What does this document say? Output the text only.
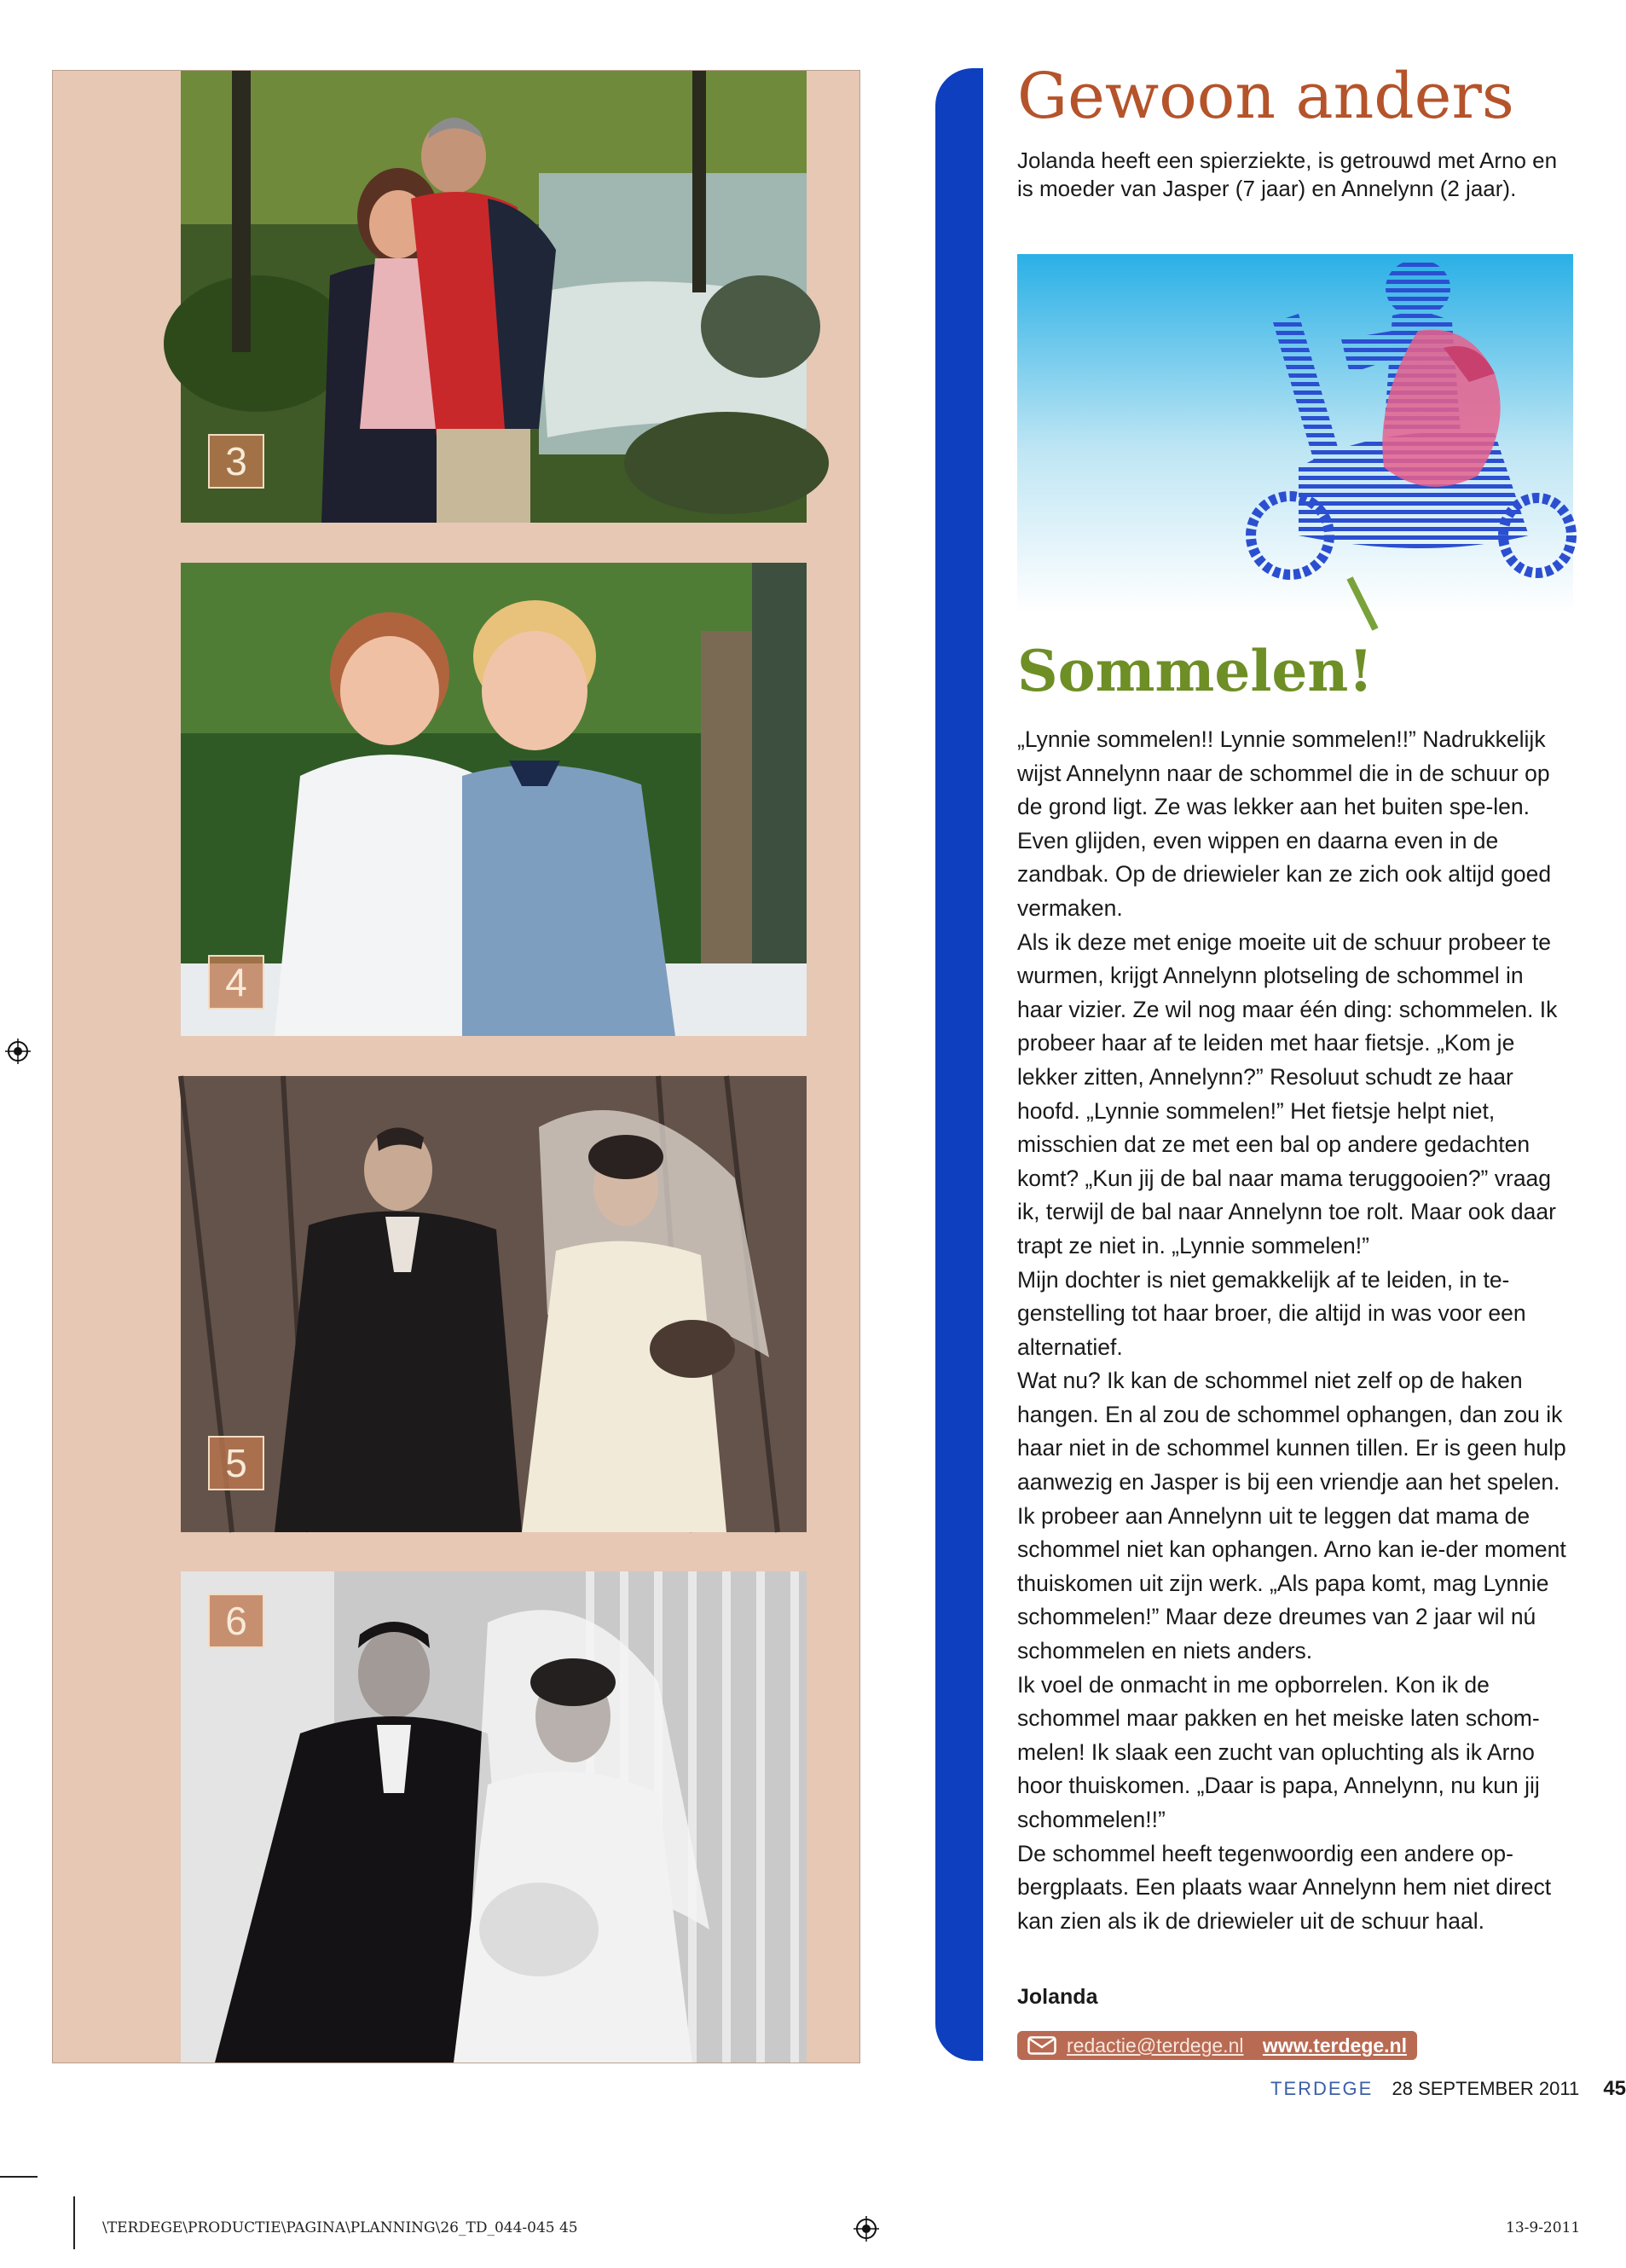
3
4
5
6
Gewoon anders
Jolanda heeft een spierziekte, is getrouwd met Arno en is moeder van Jasper (7 jaar) en Annelynn (2 jaar).
Sommelen!

„Lynnie sommelen!! Lynnie sommelen!!” Nadrukkelijk wijst Annelynn naar de schommel die in de schuur op de grond ligt. Ze was lekker aan het buiten spe-len. Even glijden, even wippen en daarna even in de zandbak. Op de driewieler kan ze zich ook altijd goed vermaken.

Als ik deze met enige moeite uit de schuur probeer te wurmen, krijgt Annelynn plotseling de schommel in haar vizier. Ze wil nog maar één ding: schommelen. Ik probeer haar af te leiden met haar fietsje. „Kom je lekker zitten, Annelynn?” Resoluut schudt ze haar hoofd. „Lynnie sommelen!” Het fietsje helpt niet, misschien dat ze met een bal op andere gedachten komt? „Kun jij de bal naar mama teruggooien?” vraag ik, terwijl de bal naar Annelynn toe rolt. Maar ook daar trapt ze niet in. „Lynnie sommelen!”

Mijn dochter is niet gemakkelijk af te leiden, in te-genstelling tot haar broer, die altijd in was voor een alternatief.

Wat nu? Ik kan de schommel niet zelf op de haken hangen. En al zou de schommel ophangen, dan zou ik haar niet in de schommel kunnen tillen. Er is geen hulp aanwezig en Jasper is bij een vriendje aan het spelen. Ik probeer aan Annelynn uit te leggen dat mama de schommel niet kan ophangen. Arno kan ie-der moment thuiskomen uit zijn werk. „Als papa komt, mag Lynnie schommelen!” Maar deze dreumes van 2 jaar wil nú schommelen en niets anders.

Ik voel de onmacht in me opborrelen. Kon ik de schommel maar pakken en het meiske laten schom-melen! Ik slaak een zucht van opluchting als ik Arno hoor thuiskomen. „Daar is papa, Annelynn, nu kun jij schommelen!!”

De schommel heeft tegenwoordig een andere op-bergplaats. Een plaats waar Annelynn hem niet direct kan zien als ik de driewieler uit de schuur haal.

Jolanda
redactie@terdege.nl www.terdege.nl
TERDEGE 28 SEPTEMBER 2011 45
\TERDEGE\PRODUCTIE\PAGINA\PLANNING\26_TD_044-045 45	13-9-2011
